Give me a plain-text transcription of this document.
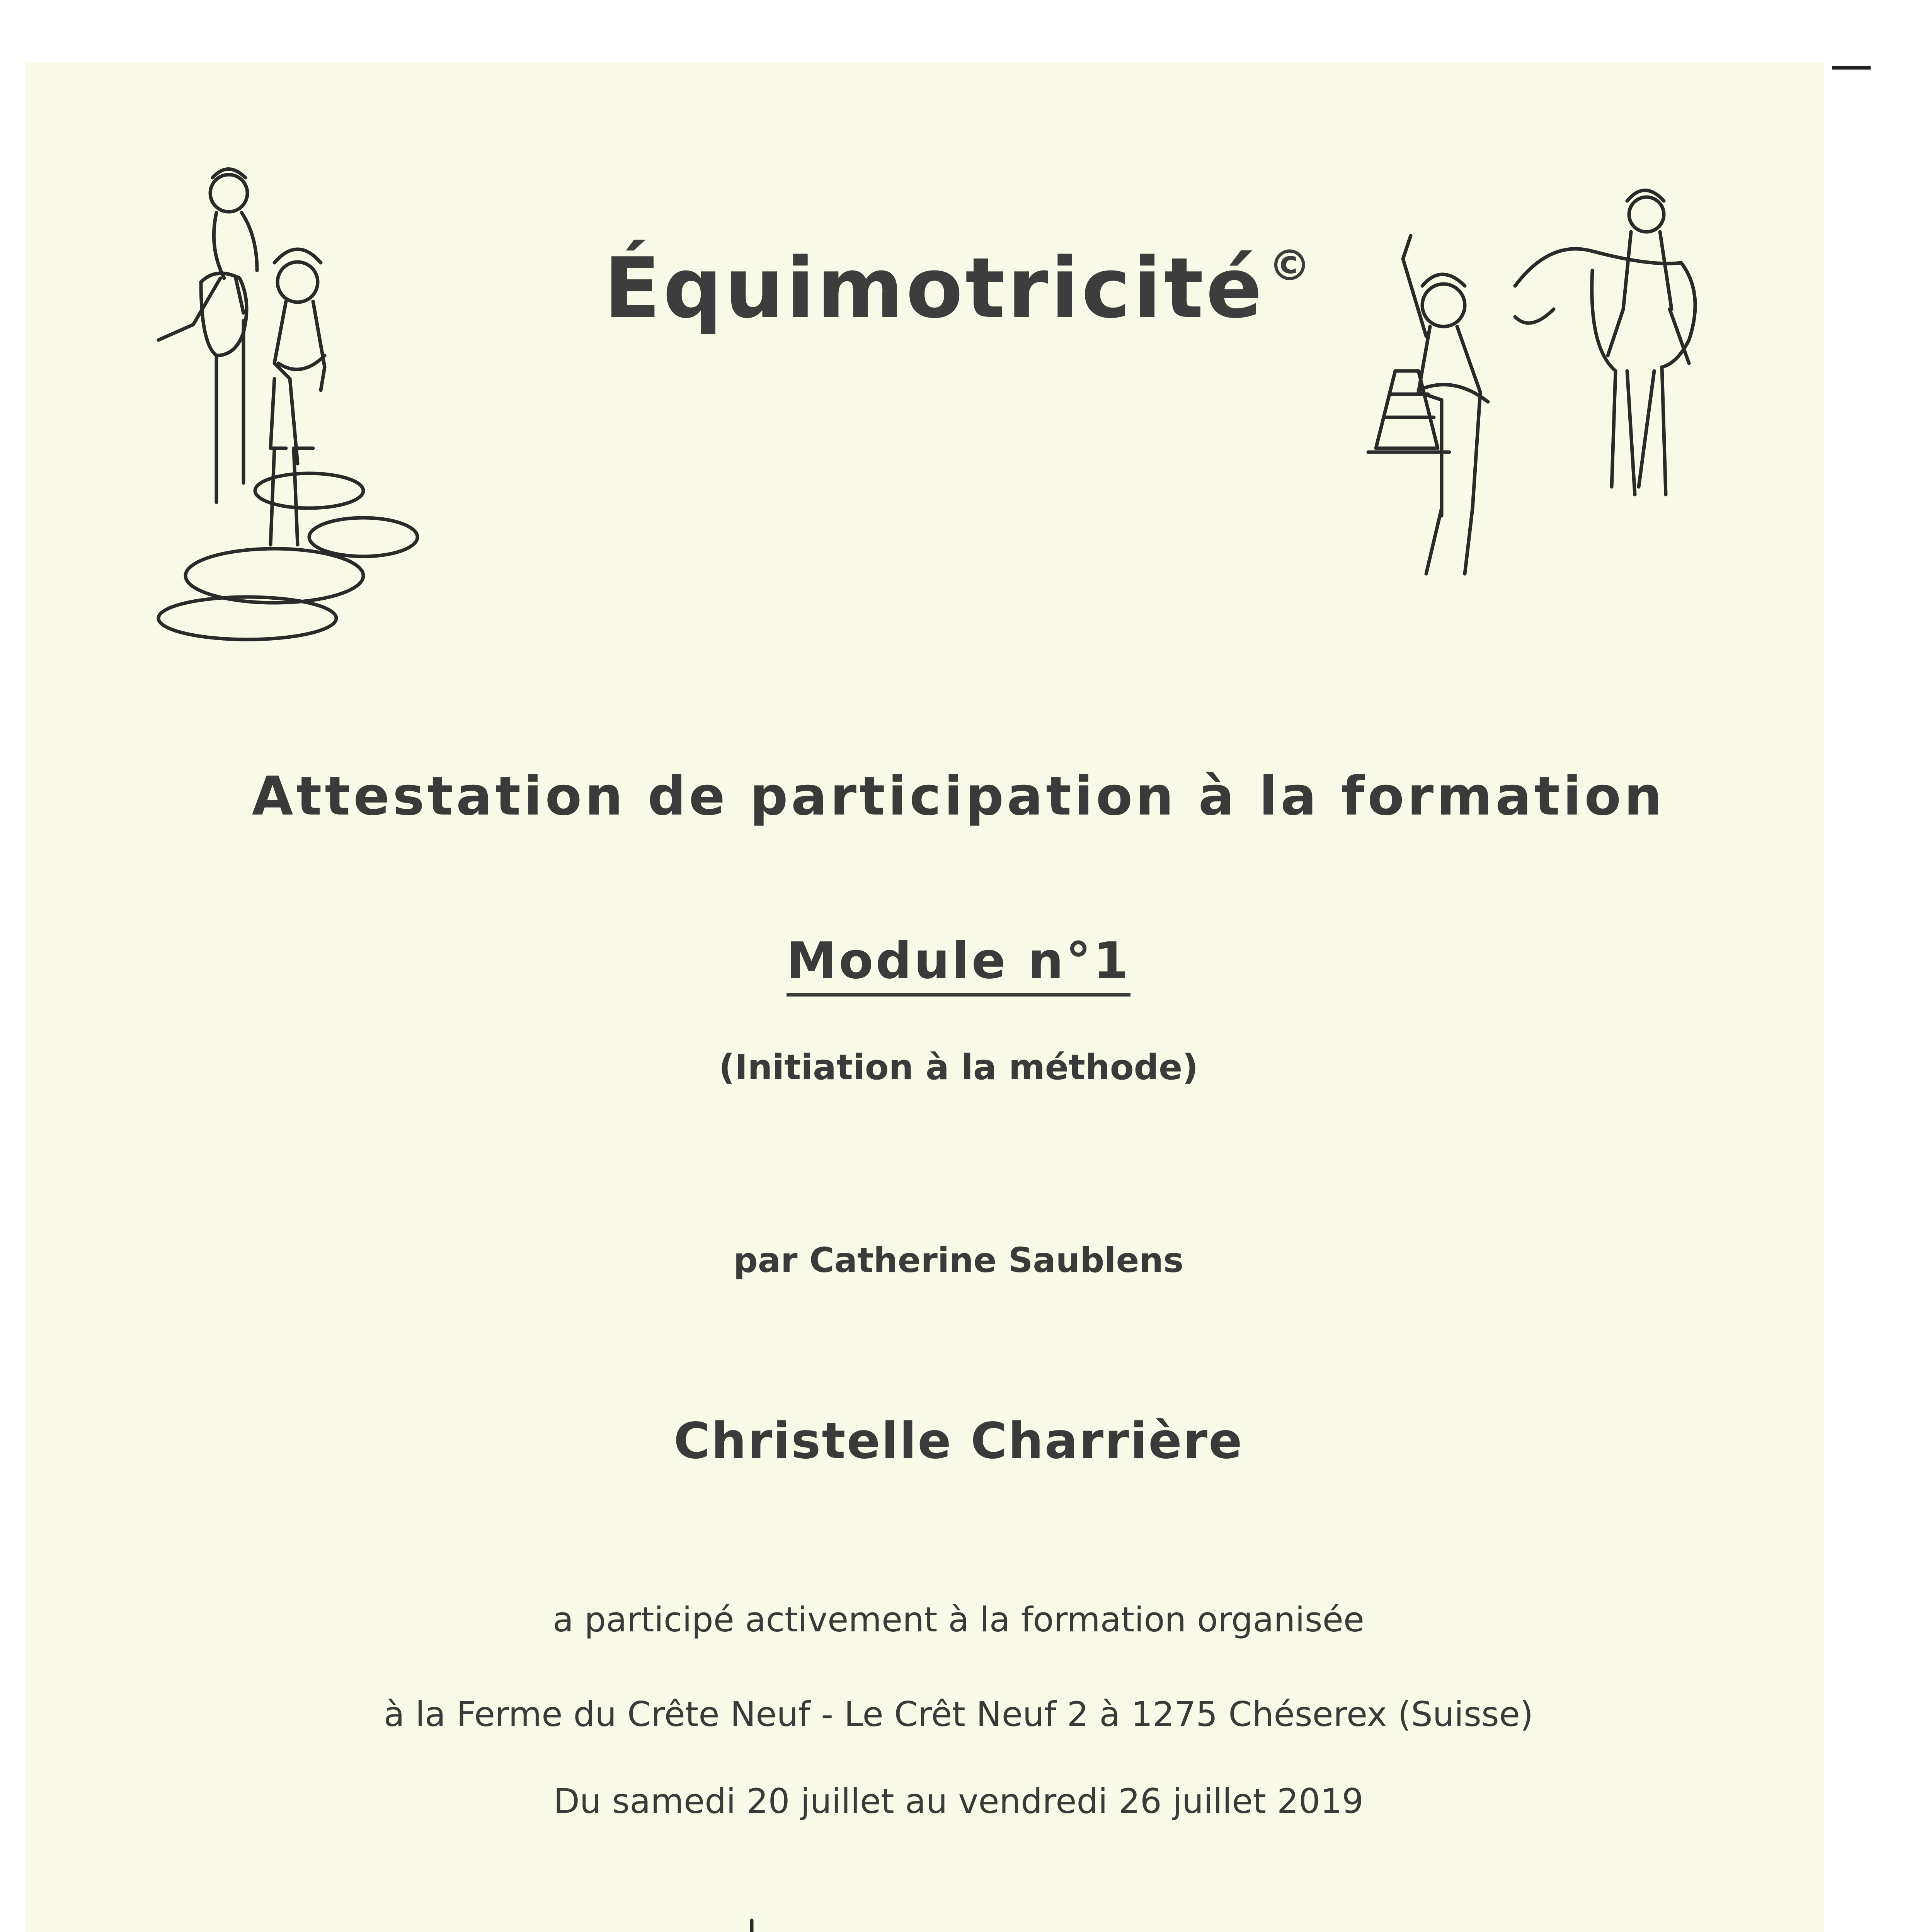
Équimotricité©
Attestation de participation à la formation
Module n°1
(Initiation à la méthode)
par Catherine Saublens
Christelle Charrière
a participé activement à la formation organisée
à la Ferme du Crête Neuf - Le Crêt Neuf 2 à 1275 Chéserex (Suisse)
Du samedi 20 juillet au vendredi 26 juillet 2019
